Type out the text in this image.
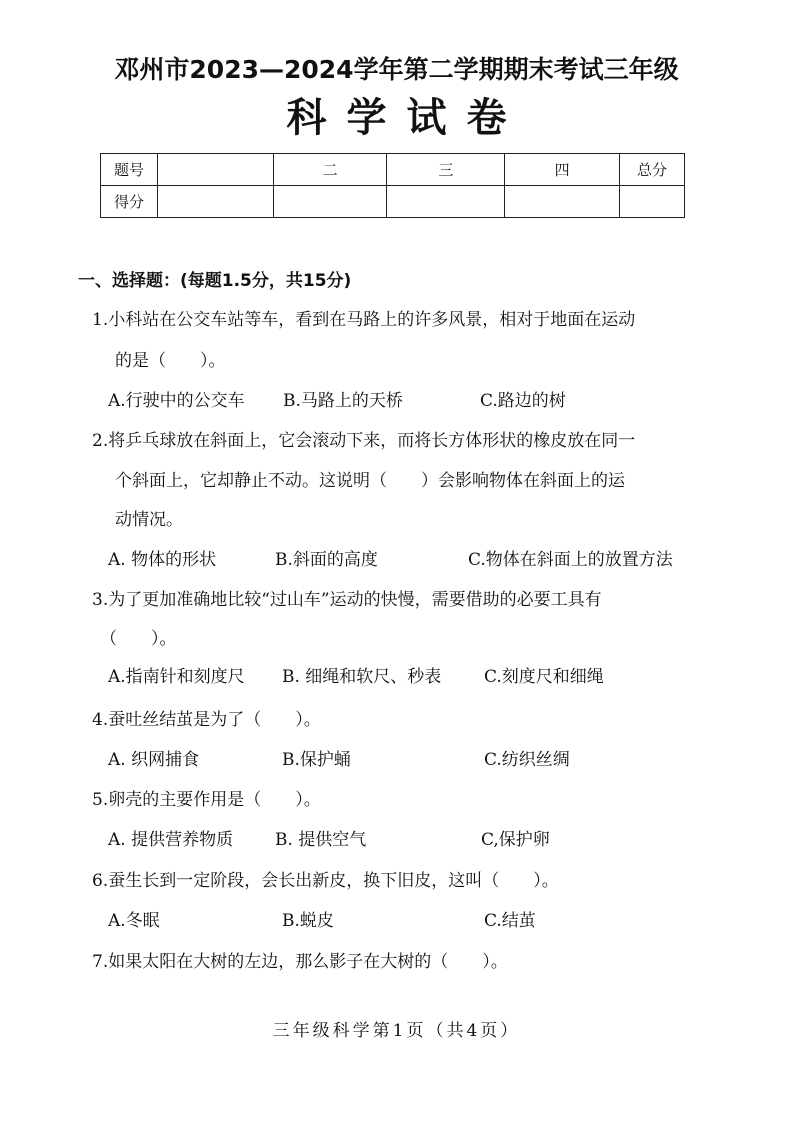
邓州市2023—2024学年第二学期期末考试三年级
科学试卷
题号		二	三	四	总分
得分					
一、选择题：(每题1.5分，共15分)
1.小科站在公交车站等车，看到在马路上的许多风景，相对于地面在运动
的是（　　）。
A.行驶中的公交车 B.马路上的天桥	C.路边的树
2.将乒乓球放在斜面上，它会滚动下来，而将长方体形状的橡皮放在同一
个斜面上，它却静止不动。这说明（　　）会影响物体在斜面上的运
动情况。
A. 物体的形状	B.斜面的高度	C.物体在斜面上的放置方法
3.为了更加准确地比较“过山车”运动的快慢，需要借助的必要工具有
（　　）。
A.指南针和刻度尺 B. 细绳和软尺、秒表	C.刻度尺和细绳
4.蚕吐丝结茧是为了（　　）。
A. 织网捕食	B.保护蛹	C.纺织丝绸
5.卵壳的主要作用是（　　）。
A. 提供营养物质 B. 提供空气	C,保护卵
6.蚕生长到一定阶段，会长出新皮，换下旧皮，这叫（　　）。
A.冬眠	B.蜕皮	C.结茧
7.如果太阳在大树的左边，那么影子在大树的（　　）。
三年级科学第1页（共4页）
